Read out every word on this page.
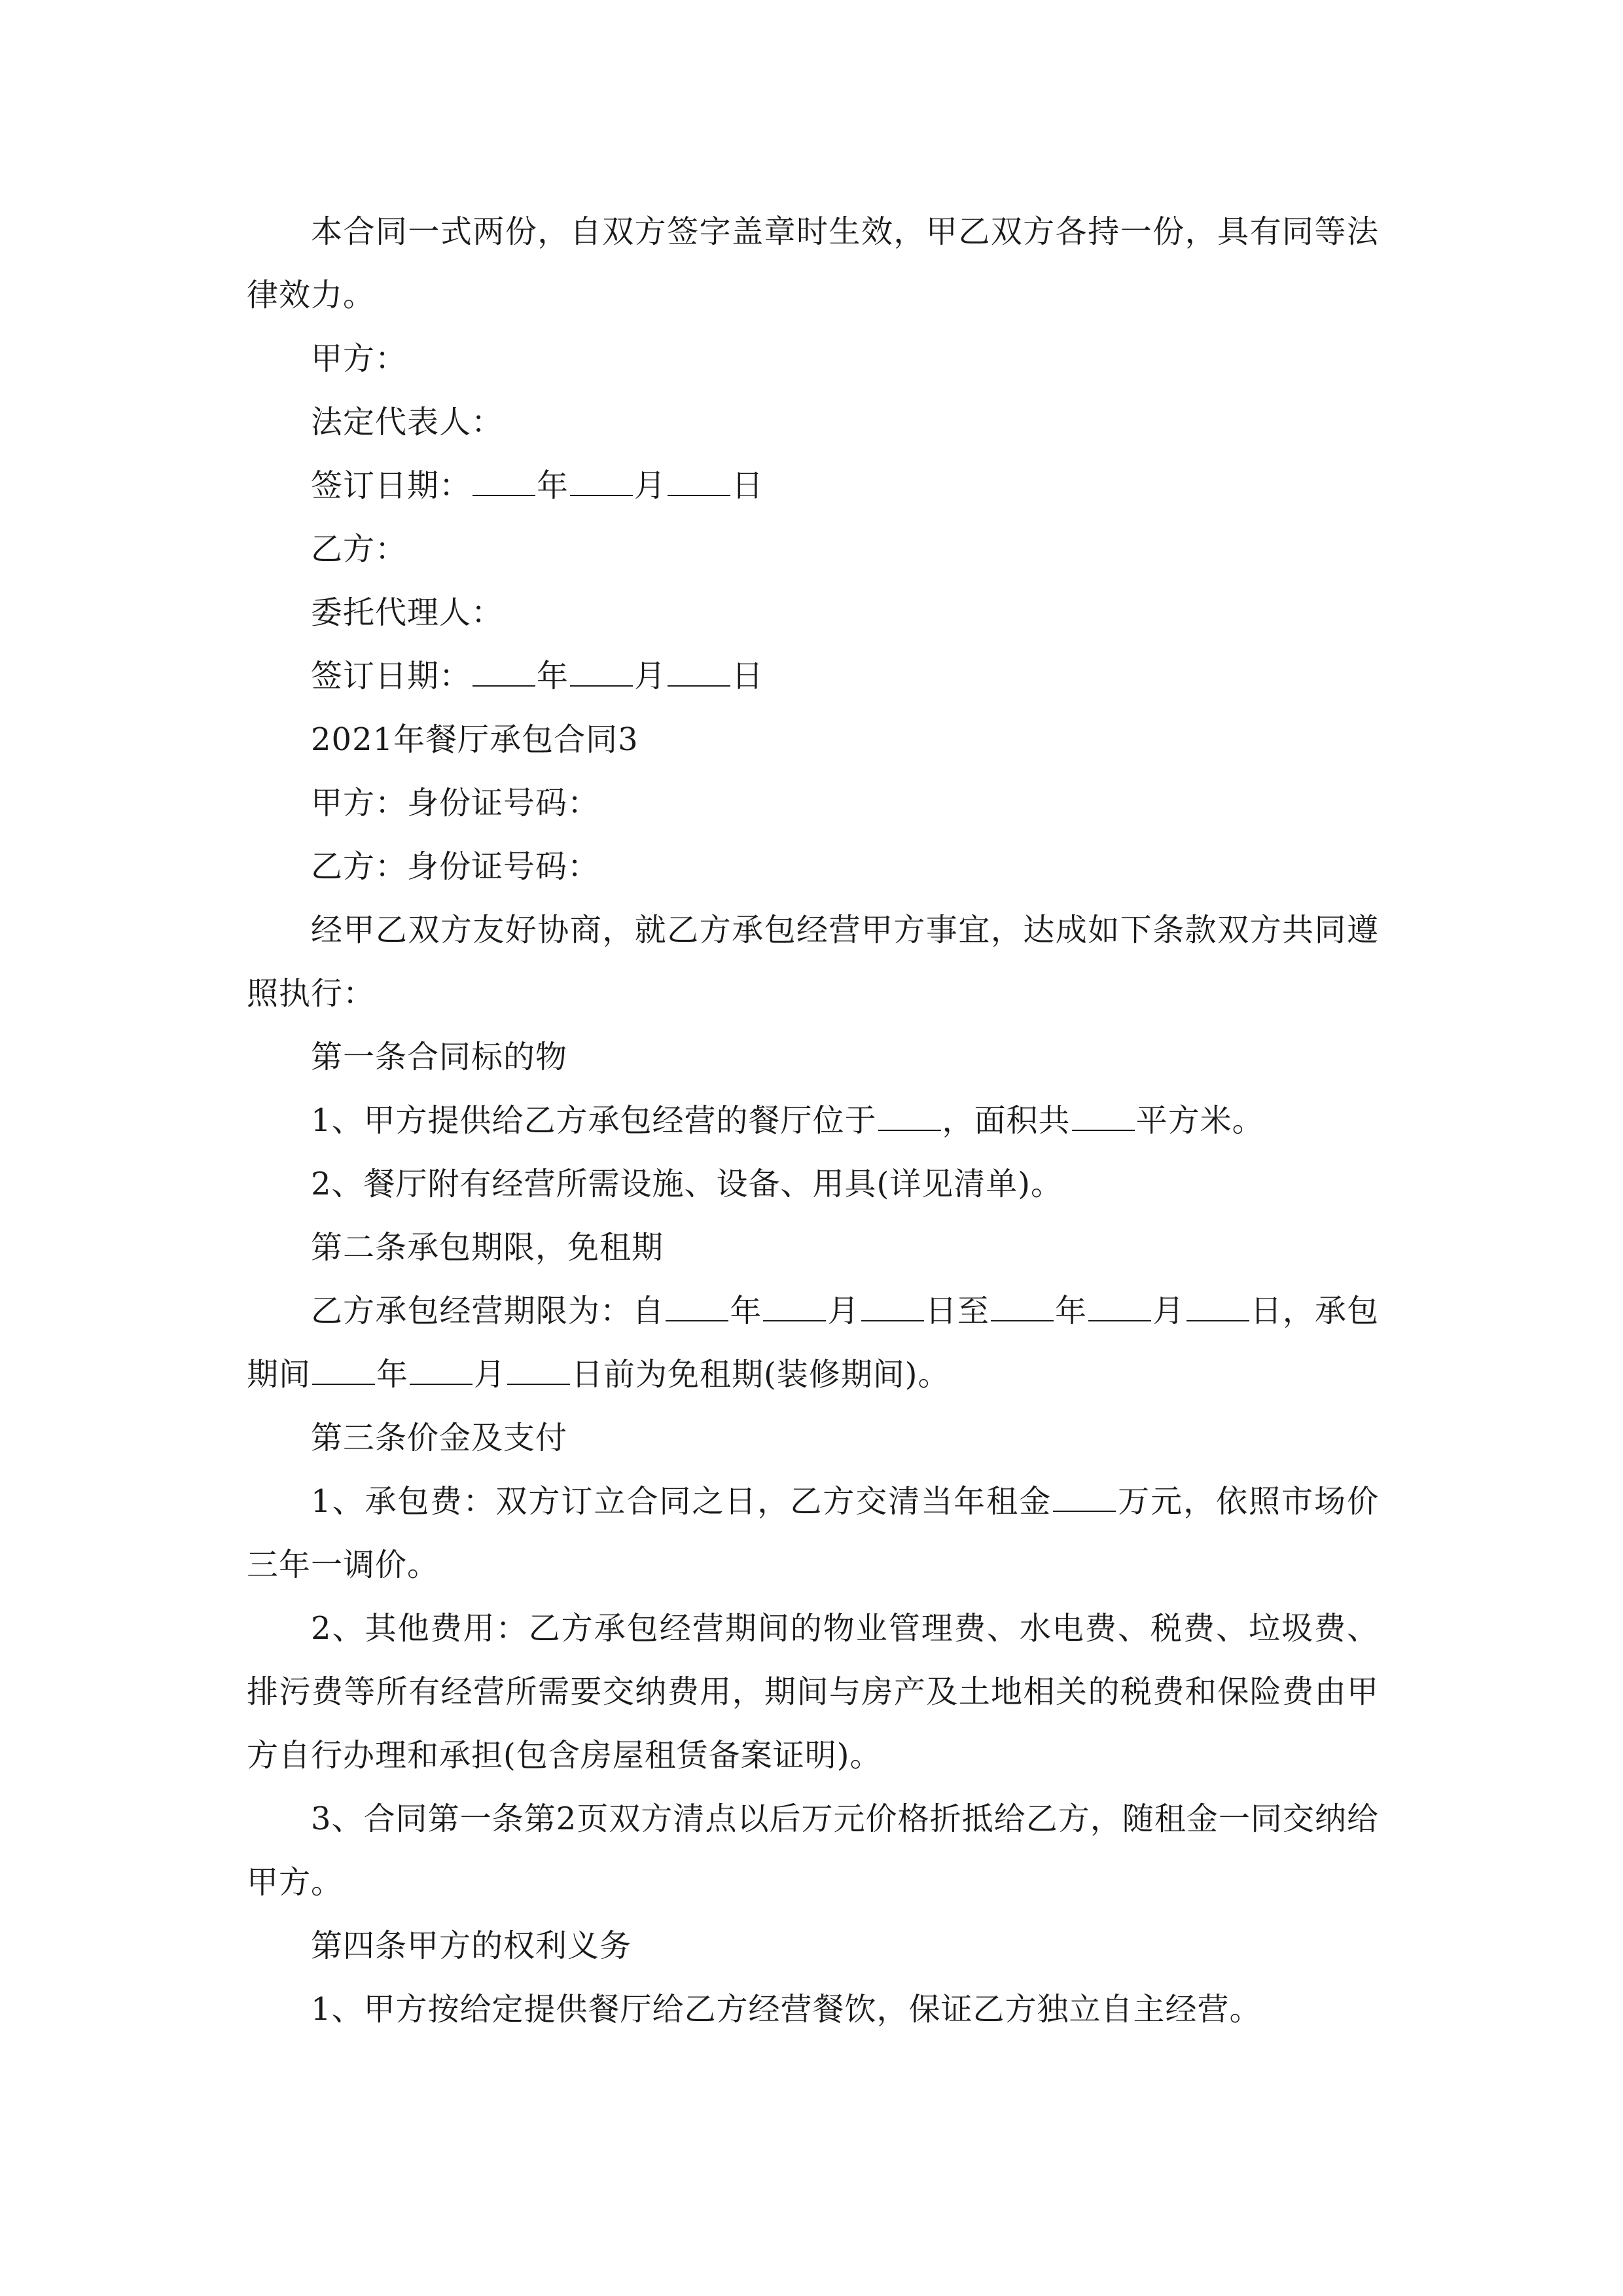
本合同一式两份，自双方签字盖章时生效，甲乙双方各持一份，具有同等法律效力。

甲方：

法定代表人：

签订日期： 年 月 日

乙方：

委托代理人：

签订日期： 年 月 日

2021年餐厅承包合同3

甲方：身份证号码：

乙方：身份证号码：

经甲乙双方友好协商，就乙方承包经营甲方事宜，达成如下条款双方共同遵照执行：

第一条合同标的物

1、甲方提供给乙方承包经营的餐厅位于 ，面积共 平方米。

2、餐厅附有经营所需设施、设备、用具(详见清单)。

第二条承包期限，免租期

乙方承包经营期限为：自 年 月 日至 年 月 日，承包期间 年 月 日前为免租期(装修期间)。

第三条价金及支付

1、承包费：双方订立合同之日，乙方交清当年租金 万元，依照市场价三年一调价。

2、其他费用：乙方承包经营期间的物业管理费、水电费、税费、垃圾费、排污费等所有经营所需要交纳费用，期间与房产及土地相关的税费和保险费由甲方自行办理和承担(包含房屋租赁备案证明)。

3、合同第一条第2页双方清点以后万元价格折抵给乙方，随租金一同交纳给甲方。

第四条甲方的权利义务

1、甲方按给定提供餐厅给乙方经营餐饮，保证乙方独立自主经营。
